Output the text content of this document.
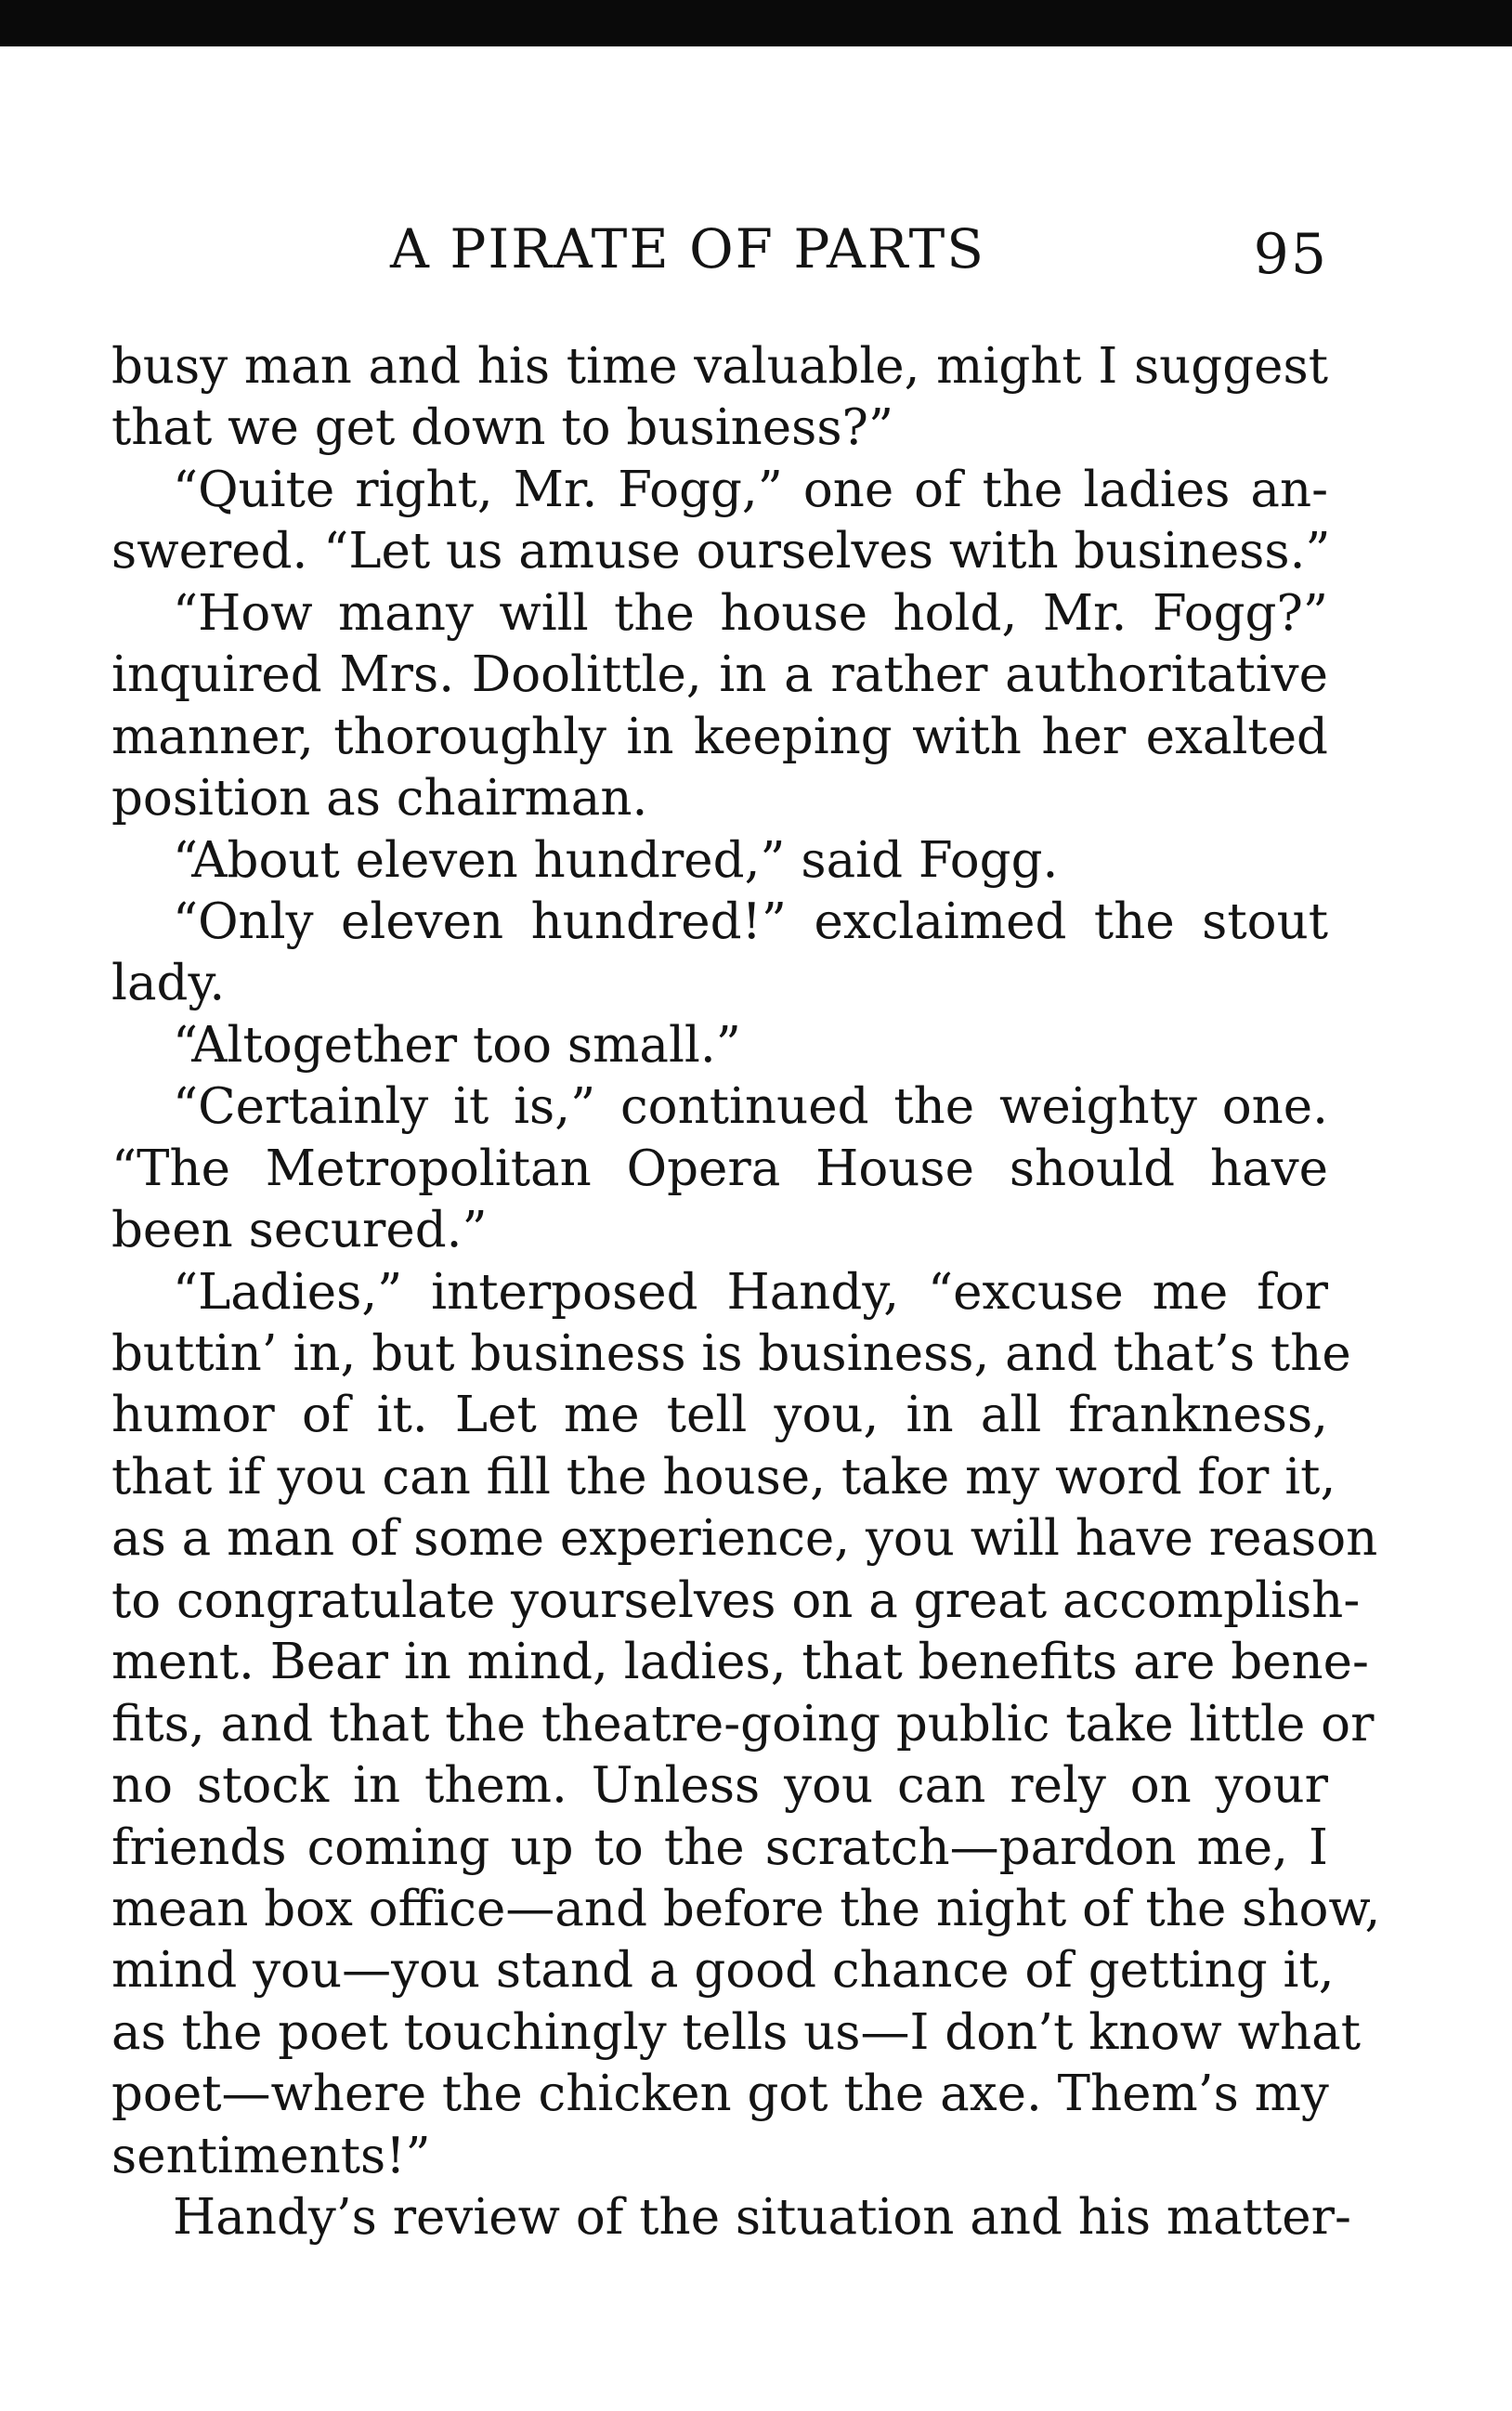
A PIRATE OF PARTS	95
busy man and his time valuable, might I suggest
that we get down to business?”
“Quite right, Mr. Fogg,” one of the ladies an-
swered. “Let us amuse ourselves with business.”
“How many will the house hold, Mr. Fogg?”
inquired Mrs. Doolittle, in a rather authoritative
manner, thoroughly in keeping with her exalted
position as chairman.
“About eleven hundred,” said Fogg.
“Only eleven hundred!” exclaimed the stout
lady.
“Altogether too small.”
“Certainly it is,” continued the weighty one.
“The Metropolitan Opera House should have
been secured.”
“Ladies,” interposed Handy, “excuse me for
buttin’ in, but business is business, and that’s the
humor of it. Let me tell you, in all frankness,
that if you can fill the house, take my word for it,
as a man of some experience, you will have reason
to congratulate yourselves on a great accomplish-
ment. Bear in mind, ladies, that benefits are bene-
fits, and that the theatre-going public take little or
no stock in them. Unless you can rely on your
friends coming up to the scratch—pardon me, I
mean box office—and before the night of the show,
mind you—you stand a good chance of getting it,
as the poet touchingly tells us—I don’t know what
poet—where the chicken got the axe. Them’s my
sentiments!”
Handy’s review of the situation and his matter-
